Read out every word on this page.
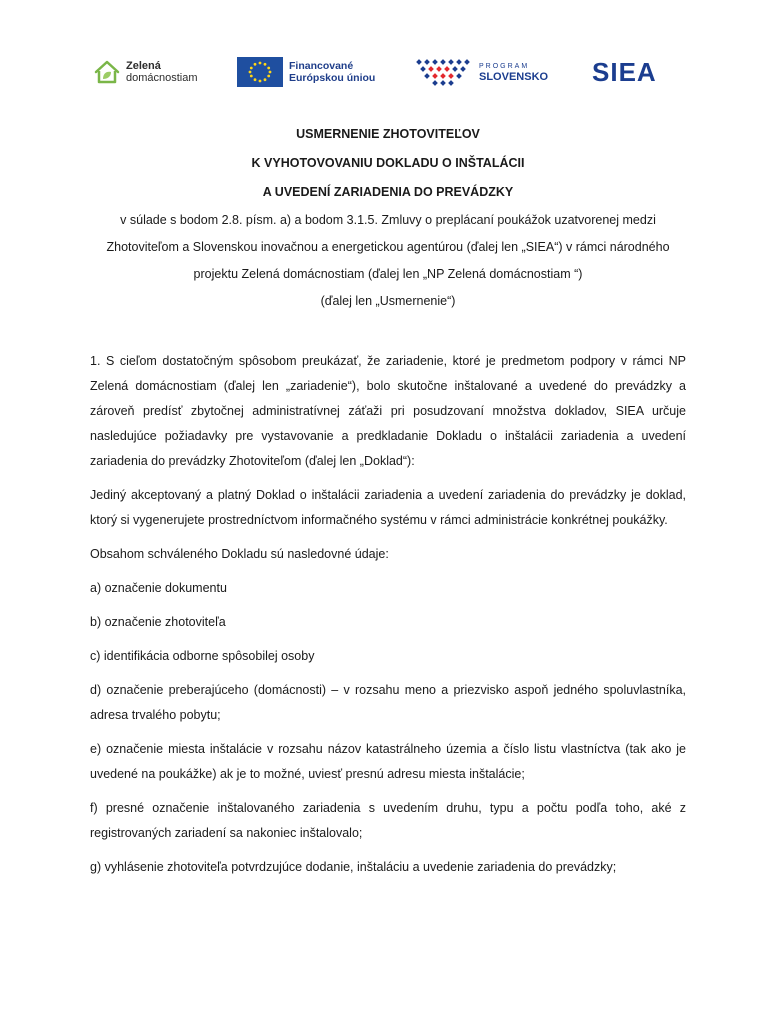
Zelená
domácnostiam
Financované
Európskou úniou
PROGRAM
SLOVENSKO SIEA

USMERNENIE ZHOTOVITEĽOV

K VYHOTOVOVANIU DOKLADU O INŠTALÁCII

A UVEDENÍ ZARIADENIA DO PREVÁDZKY

v súlade s bodom 2.8. písm. a) a bodom 3.1.5. Zmluvy o preplácaní poukážok uzatvorenej medzi

Zhotoviteľom a Slovenskou inovačnou a energetickou agentúrou (ďalej len „SIEA“) v rámci národného

projektu Zelená domácnostiam (ďalej len „NP Zelená domácnostiam “)

(ďalej len „Usmernenie“)

1. S cieľom dostatočným spôsobom preukázať, že zariadenie, ktoré je predmetom podpory v rámci NP Zelená domácnostiam (ďalej len „zariadenie“), bolo skutočne inštalované a uvedené do prevádzky a zároveň predísť zbytočnej administratívnej záťaži pri posudzovaní množstva dokladov, SIEA určuje nasledujúce požiadavky pre vystavovanie a predkladanie Dokladu o inštalácii zariadenia a uvedení zariadenia do prevádzky Zhotoviteľom (ďalej len „Doklad“):

Jediný akceptovaný a platný Doklad o inštalácii zariadenia a uvedení zariadenia do prevádzky je doklad, ktorý si vygenerujete prostredníctvom informačného systému v rámci administrácie konkrétnej poukážky.

Obsahom schváleného Dokladu sú nasledovné údaje:

a) označenie dokumentu

b) označenie zhotoviteľa

c) identifikácia odborne spôsobilej osoby

d) označenie preberajúceho (domácnosti) – v rozsahu meno a priezvisko aspoň jedného spoluvlastníka, adresa trvalého pobytu;

e) označenie miesta inštalácie v rozsahu názov katastrálneho územia a číslo listu vlastníctva (tak ako je uvedené na poukážke) ak je to možné, uviesť presnú adresu miesta inštalácie;

f) presné označenie inštalovaného zariadenia s uvedením druhu, typu a počtu podľa toho, aké z registrovaných zariadení sa nakoniec inštalovalo;

g) vyhlásenie zhotoviteľa potvrdzujúce dodanie, inštaláciu a uvedenie zariadenia do prevádzky;
